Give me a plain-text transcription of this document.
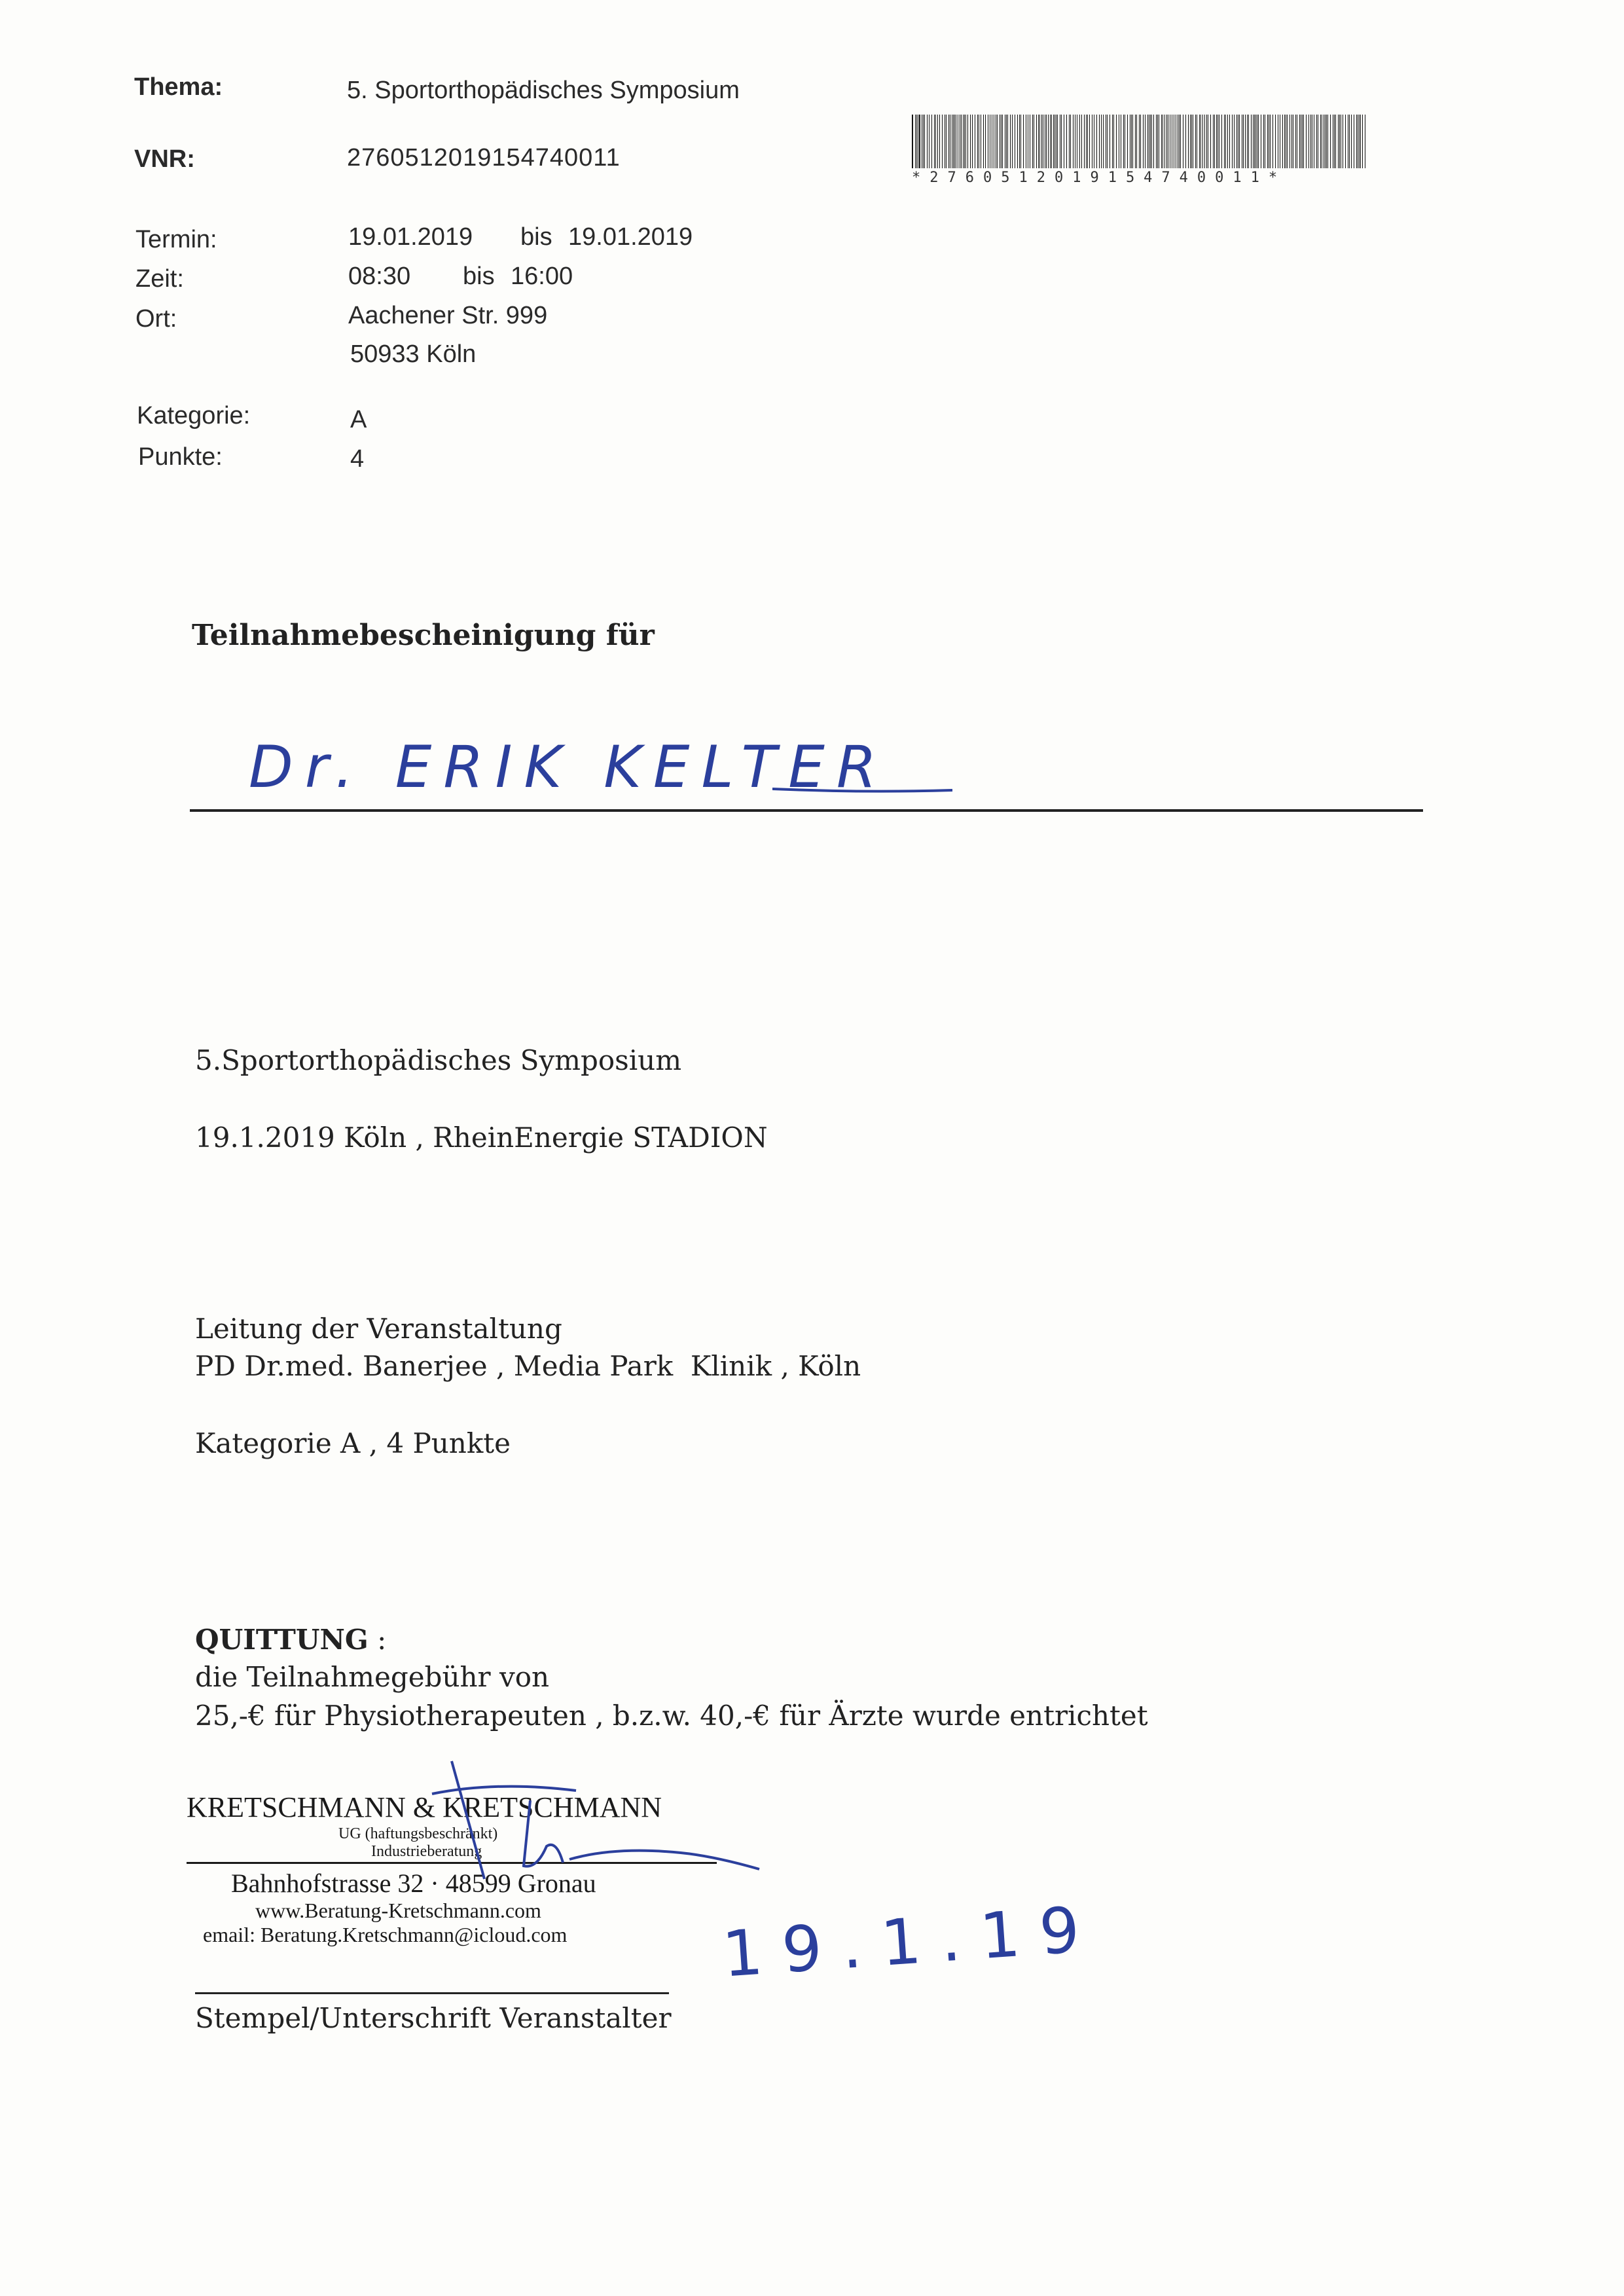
Thema:	5. Sportorthopädisches Symposium
VNR:	2760512019154740011
Termin:	19.01.2019 bis 19.01.2019
Zeit:	08:30 bis 16:00
Ort:	Aachener Str. 999
50933 Köln
Kategorie:	A
Punkte:	4
*2760512019154740011*
Teilnahmebescheinigung für
Dr. ERIK KELTER
5.Sportorthopädisches Symposium
19.1.2019 Köln , RheinEnergie STADION
Leitung der Veranstaltung
PD Dr.med. Banerjee , Media Park  Klinik , Köln
Kategorie A , 4 Punkte
QUITTUNG :
die Teilnahmegebühr von
25,-€ für Physiotherapeuten , b.z.w. 40,-€ für Ärzte wurde entrichtet
KRETSCHMANN & KRETSCHMANN
UG (haftungsbeschränkt)
Industrieberatung
Bahnhofstrasse 32 · 48599 Gronau
www.Beratung-Kretschmann.com
email: Beratung.Kretschmann@icloud.com	19.1.19
Stempel/Unterschrift Veranstalter
